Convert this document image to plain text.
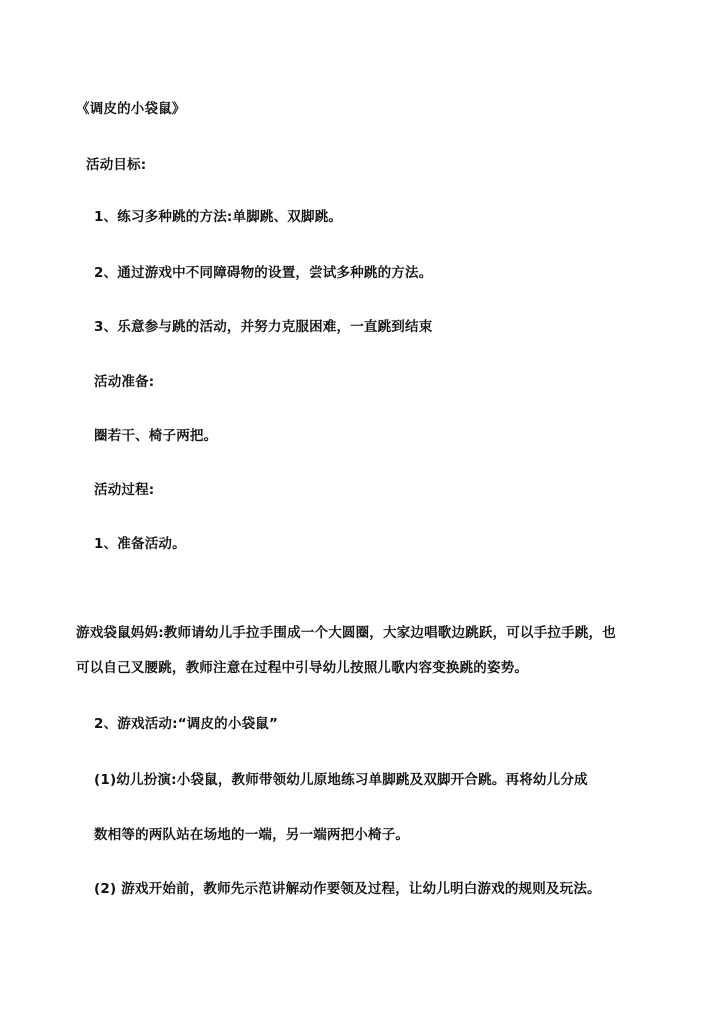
《调皮的小袋鼠》
活动目标:
1、练习多种跳的方法:单脚跳、双脚跳。
2、通过游戏中不同障碍物的设置，尝试多种跳的方法。
3、乐意参与跳的活动，并努力克服困难，一直跳到结束
活动准备:
圈若干、椅子两把。
活动过程:
1、准备活动。
游戏袋鼠妈妈:教师请幼儿手拉手围成一个大圆圈，大家边唱歌边跳跃，可以手拉手跳，也
可以自己叉腰跳，教师注意在过程中引导幼儿按照儿歌内容变换跳的姿势。
2、游戏活动:“调皮的小袋鼠”
(1)幼儿扮演:小袋鼠，教师带领幼儿原地练习单脚跳及双脚开合跳。再将幼儿分成
数相等的两队站在场地的一端，另一端两把小椅子。
(2) 游戏开始前，教师先示范讲解动作要领及过程，让幼儿明白游戏的规则及玩法。
